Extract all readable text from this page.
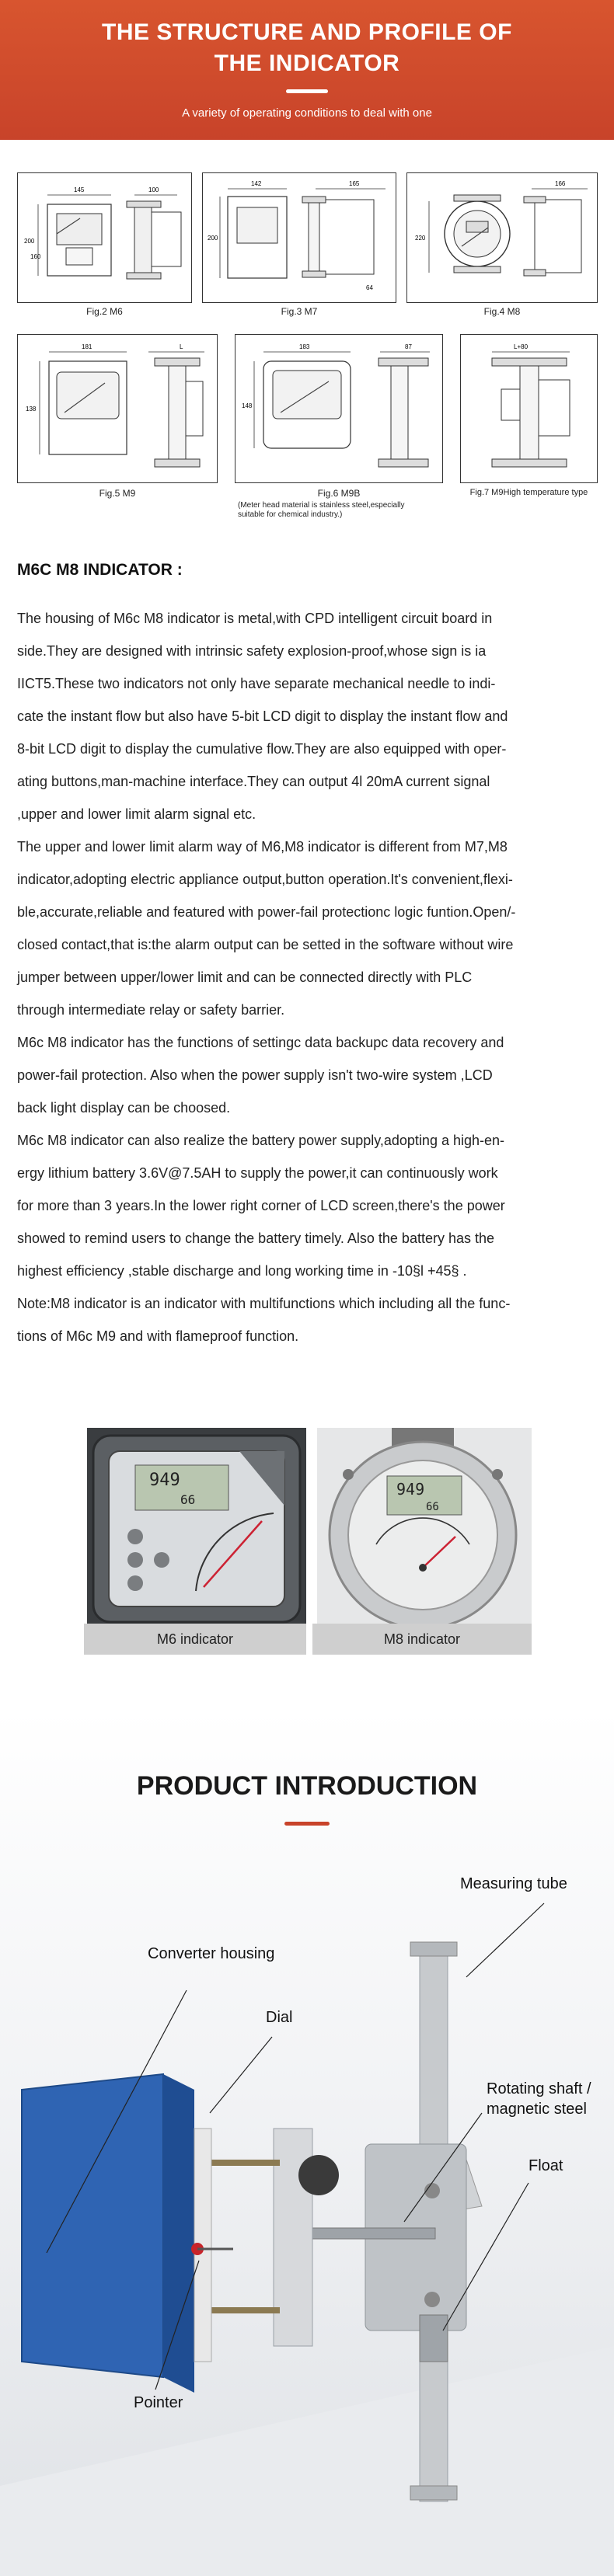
THE STRUCTURE AND PROFILE OF
THE INDICATOR
A variety of operating conditions to deal with one
145
200
160
100
Fig.2 M6
142
200
165
64
Fig.3 M7
220
166
Fig.4 M8
181
138
L
Fig.5 M9
183
148
87
Fig.6 M9B
(Meter head material is stainless steel,especially
suitable for chemical industry.)
L+80
Fig.7 M9High temperature type
M6C M8 INDICATOR :

The housing of M6c M8 indicator is metal,with CPD intelligent circuit board in

side.They are designed with intrinsic safety explosion-proof,whose sign is ia

IICT5.These two indicators not only have separate mechanical needle to indi-

cate the instant flow but also have 5-bit LCD digit to display the instant flow and

8-bit LCD digit to display the cumulative flow.They are also equipped with oper-

ating buttons,man-machine interface.They can output 4l 20mA current signal

,upper and lower limit alarm signal etc.

The upper and lower limit alarm way of M6,M8 indicator is different from M7,M8

indicator,adopting electric appliance output,button operation.It's convenient,flexi-

ble,accurate,reliable and featured with power-fail protectionc logic funtion.Open/-

closed contact,that is:the alarm output can be setted in the software without wire

jumper between upper/lower limit and can be connected directly with PLC

through intermediate relay or safety barrier.

M6c M8 indicator has the functions of settingc data backupc data recovery and

power-fail protection. Also when the power supply isn't two-wire system ,LCD

back light display can be choosed.

M6c M8 indicator can also realize the battery power supply,adopting a high-en-

ergy lithium battery 3.6V@7.5AH to supply the power,it can continuously work

for more than 3 years.In the lower right corner of LCD screen,there's the power

showed to remind users to change the battery timely. Also the battery has the

highest efficiency ,stable discharge and long working time in -10§l +45§ .

Note:M8 indicator is an indicator with multifunctions which including all the func-

tions of M6c M9 and with flameproof function.

949
66
M6 indicator
949
66
M8 indicator
PRODUCT INTRODUCTION
Measuring tube
Converter housing
Dial
Rotating shaft /
magnetic steel
Float
Pointer
